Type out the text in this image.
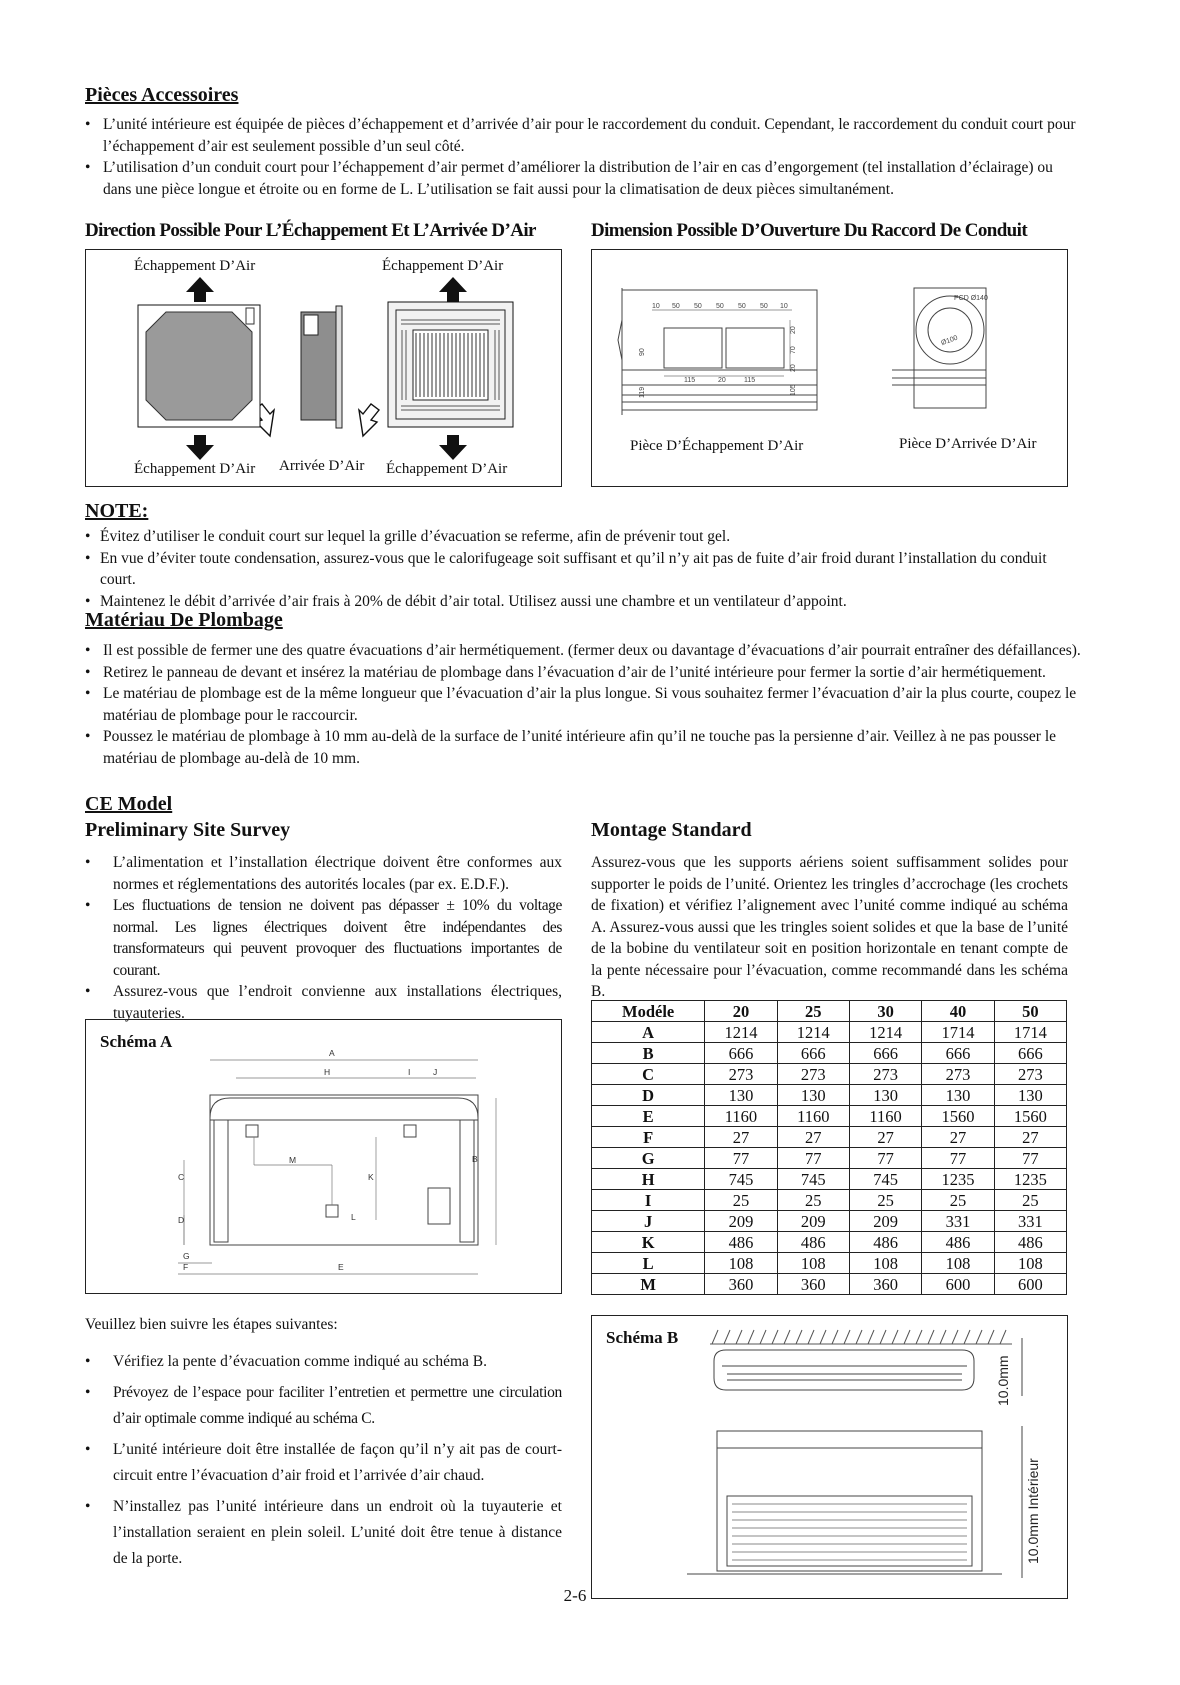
Pièces Accessoires
• L’unité intérieure est équipée de pièces d’échappement et d’arrivée d’air pour le raccordement du conduit. Cependant, le raccordement du conduit court pour l’échappement d’air est seulement possible d’un seul côté.
• L’utilisation d’un conduit court pour l’échappement d’air permet d’améliorer la distribution de l’air en cas d’engorgement (tel installation d’éclairage) ou dans une pièce longue et étroite ou en forme de L. L’utilisation se fait aussi pour la climatisation de deux pièces simultanément.
Direction Possible Pour L’Échappement Et L’Arrivée D’Air	Dimension Possible D’Ouverture Du Raccord De Conduit
Échappement D’Air	Échappement D’Air
Échappement D’Air Arrivée D’Air Échappement D’Air
10 50 50 50 50 50 10
115	20	115
20
70
20
90
119	105
PCD Ø140
Ø100
Pièce D’Échappement D’Air	Pièce D’Arrivée D’Air
NOTE:
• Évitez d’utiliser le conduit court sur lequel la grille d’évacuation se referme, afin de prévenir tout gel.
• En vue d’éviter toute condensation, assurez-vous que le calorifugeage soit suffisant et qu’il n’y ait pas de fuite d’air froid durant l’installation du conduit court.
• Maintenez le débit d’arrivée d’air frais à 20% de débit d’air total. Utilisez aussi une chambre et un ventilateur d’appoint.
Matériau De Plombage
• Il est possible de fermer une des quatre évacuations d’air hermétiquement. (fermer deux ou davantage d’évacuations d’air pourrait entraîner des défaillances).
• Retirez le panneau de devant et insérez la matériau de plombage dans l’évacuation d’air de l’unité intérieure pour fermer la sortie d’air hermétiquement.
• Le matériau de plombage est de la même longueur que l’évacuation d’air la plus longue. Si vous souhaitez fermer l’évacuation d’air la plus courte, coupez le matériau de plombage pour le raccourcir.
• Poussez le matériau de plombage à 10 mm au-delà de la surface de l’unité intérieure afin qu’il ne touche pas la persienne d’air. Veillez à ne pas pousser le matériau de plombage au-delà de 10 mm.
CE Model
Preliminary Site Survey
• L’alimentation et l’installation électrique doivent être conformes aux normes et réglementations des autorités locales (par ex. E.D.F.).
• Les fluctuations de tension ne doivent pas dépasser ± 10% du voltage normal. Les lignes électriques doivent être indépendantes des transformateurs qui peuvent provoquer des fluctuations importantes de courant.
• Assurez-vous que l’endroit convienne aux installations électriques, tuyauteries.
Schéma A
A
H	I	J
M
K
B
C
D	L
G
F	E
Veuillez bien suivre les étapes suivantes:
• Vérifiez la pente d’évacuation comme indiqué au schéma B.
• Prévoyez de l’espace pour faciliter l’entretien et permettre une circulation d’air optimale comme indiqué au schéma C.
• L’unité intérieure doit être installée de façon qu’il n’y ait pas de court-circuit entre l’évacuation d’air froid et l’arrivée d’air chaud.
• N’installez pas l’unité intérieure dans un endroit où la tuyauterie et l’installation seraient en plein soleil. L’unité doit être tenue à distance de la porte.
Montage Standard
Assurez-vous que les supports aériens soient suffisamment solides pour supporter le poids de l’unité. Orientez les tringles d’accrochage (les crochets de fixation) et vérifiez l’alignement avec l’unité comme indiqué au schéma A. Assurez-vous aussi que les tringles soient solides et que la base de l’unité de la bobine du ventilateur soit en position horizontale en tenant compte de la pente nécessaire pour l’évacuation, comme recommandé dans les schéma B.
Modéle	20	25	30	40	50
A	1214	1214	1214	1714	1714
B	666	666	666	666	666
C	273	273	273	273	273
D	130	130	130	130	130
E	1160	1160	1160	1560	1560
F	27	27	27	27	27
G	77	77	77	77	77
H	745	745	745	1235	1235
I	25	25	25	25	25
J	209	209	209	331	331
K	486	486	486	486	486
L	108	108	108	108	108
M	360	360	360	600	600
Schéma B
10.0mm
10.0mm Intérieur
2-6
